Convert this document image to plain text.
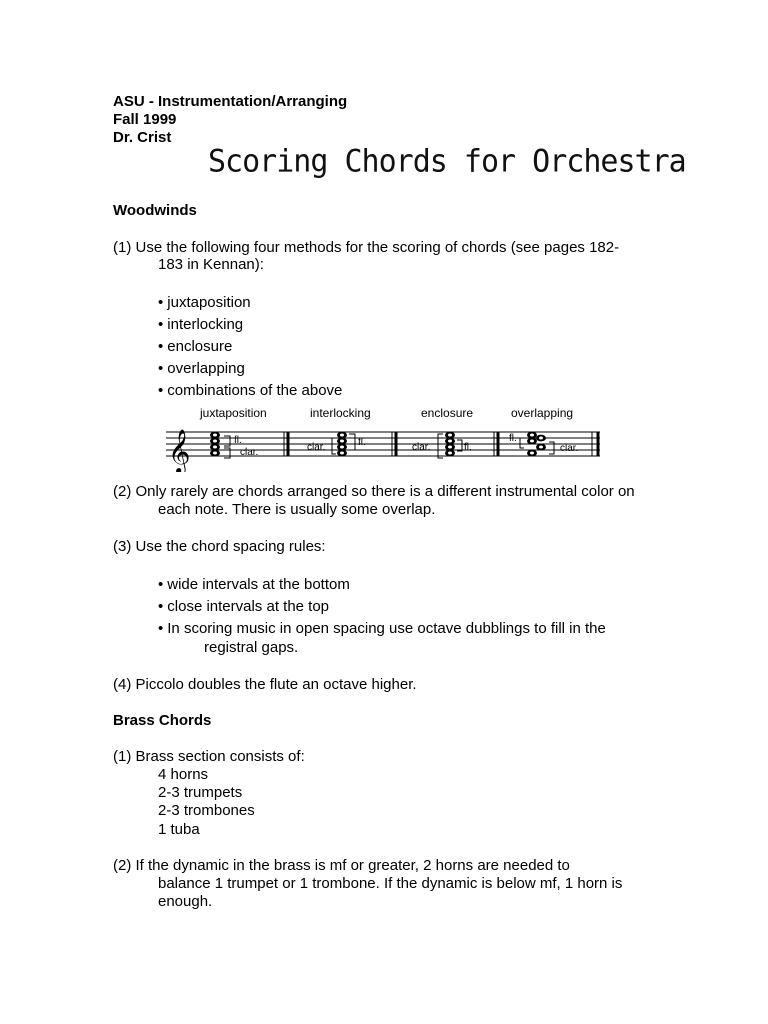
ASU - Instrumentation/Arranging
Fall 1999
Dr. Crist
Scoring Chords for Orchestra
Woodwinds
(1) Use the following four methods for the scoring of chords (see pages 182-
183 in Kennan):
• juxtaposition
• interlocking
• enclosure
• overlapping
• combinations of the above
juxtaposition	interlocking	enclosure	overlapping
𝄞	fl.
clar.	clar.	fl.	clar.	fl.
fl.
clar.
(2) Only rarely are chords arranged so there is a different instrumental color on
each note. There is usually some overlap.
(3) Use the chord spacing rules:
• wide intervals at the bottom
• close intervals at the top
• In scoring music in open spacing use octave dubblings to fill in the
registral gaps.
(4) Piccolo doubles the flute an octave higher.
Brass Chords
(1) Brass section consists of:
4 horns
2-3 trumpets
2-3 trombones
1 tuba
(2) If the dynamic in the brass is mf or greater, 2 horns are needed to
balance 1 trumpet or 1 trombone. If the dynamic is below mf, 1 horn is
enough.
